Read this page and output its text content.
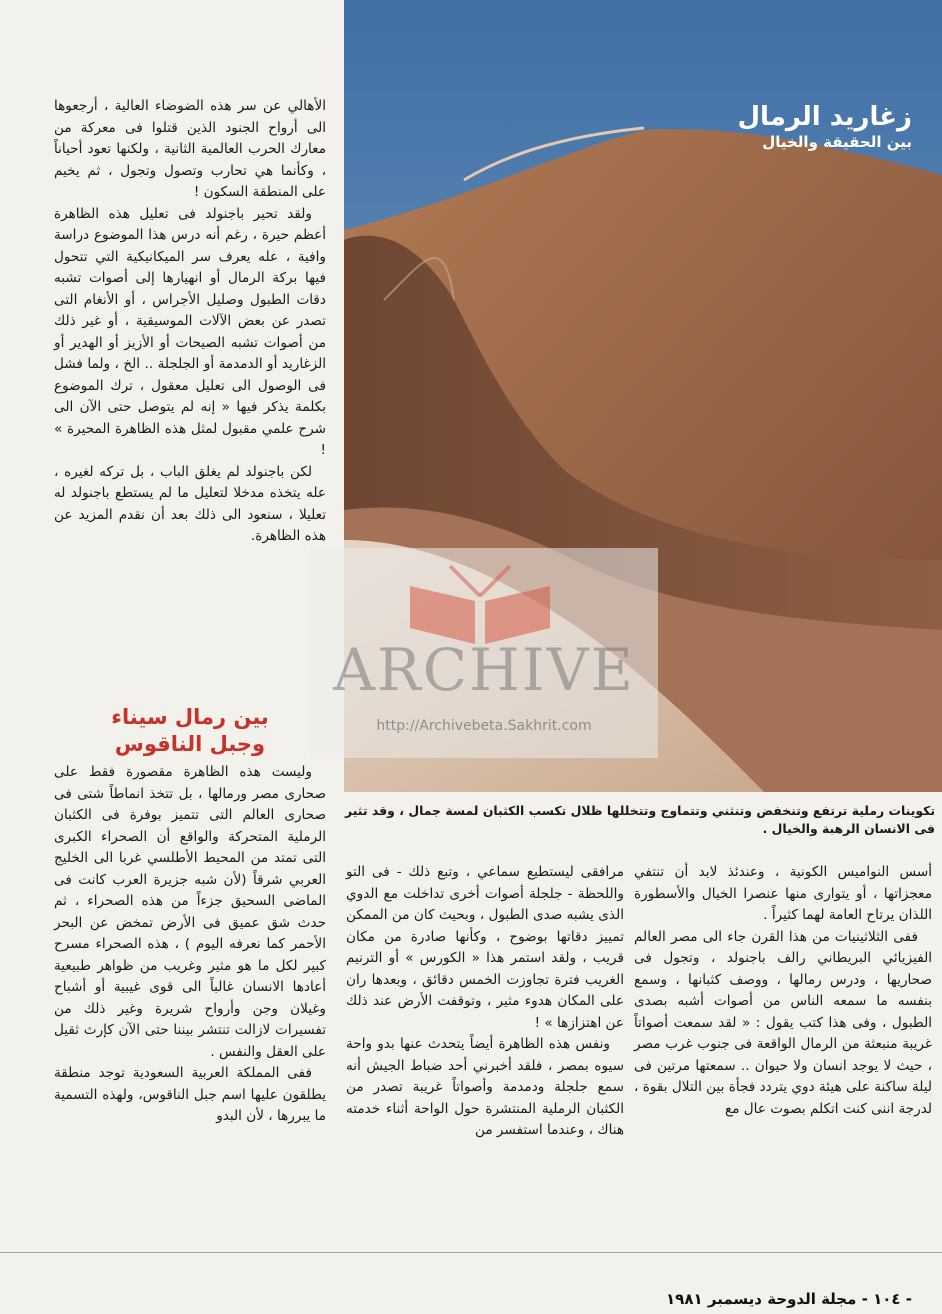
زغاريد الرمال
بين الحقيقة والخيال
تكوينات رملية ترتفع وتنخفض وتنثني وتتماوج وتتخللها ظلال تكسب الكثبان لمسة جمال ، وقد تثير فى الانسان الرهبة والخيال .

الأهالي عن سر هذه الضوضاء العالية ، أرجعوها الى أرواح الجنود الذين قتلوا فى معركة من معارك الحرب العالمية الثانية ، ولكنها تعود أحياناً ، وكأنما هي تحارب وتصول وتجول ، ثم يخيم على المنطقة السكون !

ولقد تحير باجنولد فى تعليل هذه الظاهرة أعظم حيرة ، رغم أنه درس هذا الموضوع دراسة وافية ، عله يعرف سر الميكانيكية التي تتحول فيها بركة الرمال أو انهيارها إلى أصوات تشبه دقات الطبول وصليل الأجراس ، أو الأنغام التى تصدر عن بعض الآلات الموسيقية ، أو غير ذلك من أصوات تشبه الصيحات أو الأزيز أو الهدير أو الزغاريد أو الدمدمة أو الجلجلة .. الخ ، ولما فشل فى الوصول الى تعليل معقول ، ترك الموضوع بكلمة يذكر فيها « إنه لم يتوصل حتى الآن الى شرح علمي مقبول لمثل هذه الظاهرة المحيرة » !

لكن باجنولد لم يغلق الباب ، بل تركه لغيره ، عله يتخذه مدخلا لتعليل ما لم يستطع باجنولد له تعليلا ، سنعود الى ذلك بعد أن نقدم المزيد عن هذه الظاهرة.

بين رمال سيناء
وجبل الناقوس

وليست هذه الظاهرة مقصورة فقط على صحارى مصر ورمالها ، بل تتخذ انماطاً شتى فى صحارى العالم التى تتميز بوفرة فى الكثبان الرملية المتحركة والواقع أن الصحراء الكبرى التى تمتد من المحيط الأطلسي غربا الى الخليج العربي شرقاً (لأن شبه جزيرة العرب كانت فى الماضى السحيق جزءاً من هذه الصحراء ، ثم حدث شق عميق فى الأرض تمخض عن البحر الأحمر كما نعرفه اليوم ) ، هذه الصحراء مسرح كبير لكل ما هو مثير وغريب من ظواهر طبيعية أعادها الانسان غالباً الى قوى غيبية أو أشباح وغيلان وجن وأرواح شريرة وغير ذلك من تفسيرات لازالت تنتشر بيننا حتى الآن كإرث ثقيل على العقل والنفس .

ففى المملكة العربية السعودية توجد منطقة يطلقون عليها اسم جبل الناقوس، ولهذه التسمية ما يبررها ، لأن البدو

مرافقى ليستطيع سماعي ، وتبع ذلك - فى التو واللحظة - جلجلة أصوات أخرى تداخلت مع الدوي الذى يشبه صدى الطبول ، وبحيث كان من الممكن تمييز دقاتها بوضوح ، وكأنها صادرة من مكان قريب ، ولقد استمر هذا « الكورس » أو الترنيم الغريب فترة تجاوزت الخمس دقائق ، وبعدها ران على المكان هدوء مثير ، وتوقفت الأرض عند ذلك عن اهتزازها » !

ونفس هذه الظاهرة أيضاً يتحدث عنها بدو واحة سيوه بمصر ، فلقد أخبرني أحد ضباط الجيش أنه سمع جلجلة ودمدمة وأصواتاً غريبة تصدر من الكثبان الرملية المنتشرة حول الواحة أثناء خدمته هناك ، وعندما استفسر من

أسس النواميس الكونية ، وعندئذ لابد أن تنتفي معجزاتها ، أو يتوارى منها عنصرا الخيال والأسطورة اللذان يرتاح العامة لهما كثيراً .

ففى الثلاثينيات من هذا القرن جاء الى مصر العالم الفيزيائي البريطاني رالف باجنولد ، وتجول فى صحاريها ، ودرس رمالها ، ووصف كثبانها ، وسمع بنفسه ما سمعه الناس من أصوات أشبه بصدى الطبول ، وفى هذا كتب يقول : « لقد سمعت أصواتاً غريبة منبعثة من الرمال الواقعة فى جنوب غرب مصر ، حيث لا يوجد انسان ولا حيوان .. سمعتها مرتين فى ليلة ساكنة على هيئة دوي يتردد فجأة بين التلال بقوة ، لدرجة اننى كنت اتكلم بصوت عال مع

ARCHIVE
http://Archivebeta.Sakhrit.com
- ١٠٤ - مجلة الدوحة ديسمبر ١٩٨١
